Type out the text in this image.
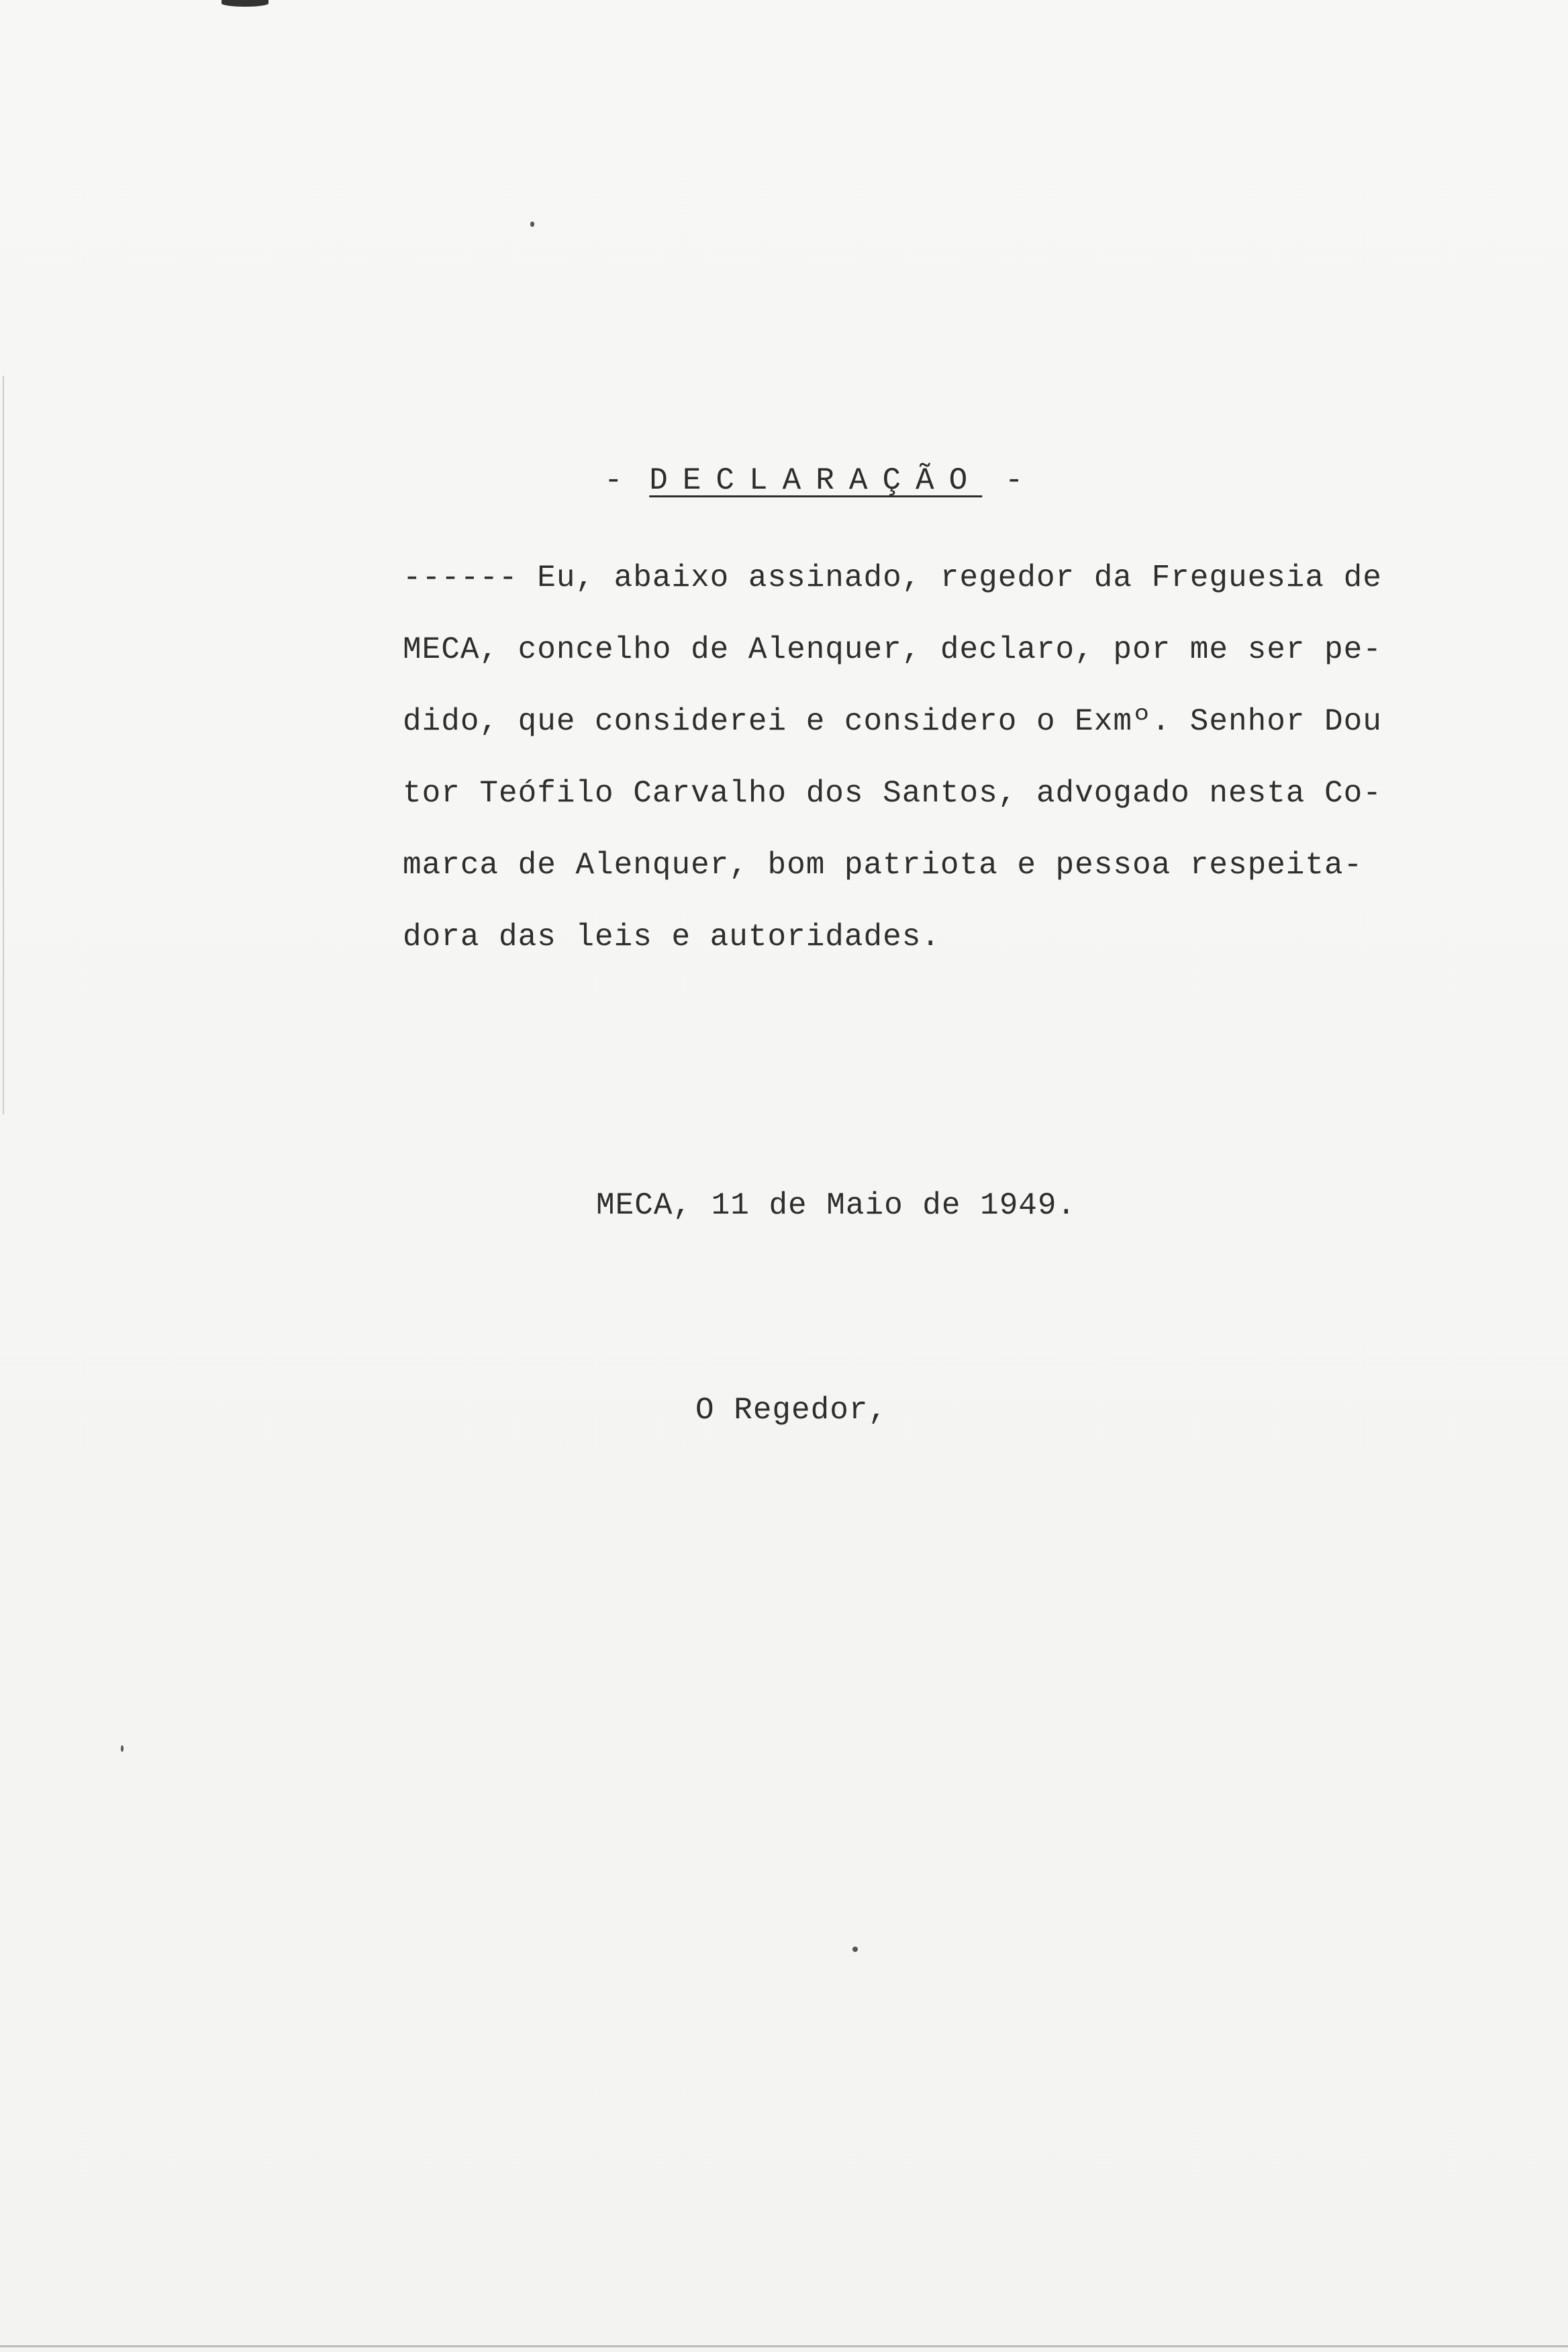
- DECLARAÇÃO -
------ Eu, abaixo assinado, regedor da Freguesia de
MECA, concelho de Alenquer, declaro, por me ser pe-
dido, que considerei e considero o Exmº. Senhor Dou
tor Teófilo Carvalho dos Santos, advogado nesta Co-
marca de Alenquer, bom patriota e pessoa respeita-
dora das leis e autoridades.
MECA, 11 de Maio de 1949.
O Regedor,
